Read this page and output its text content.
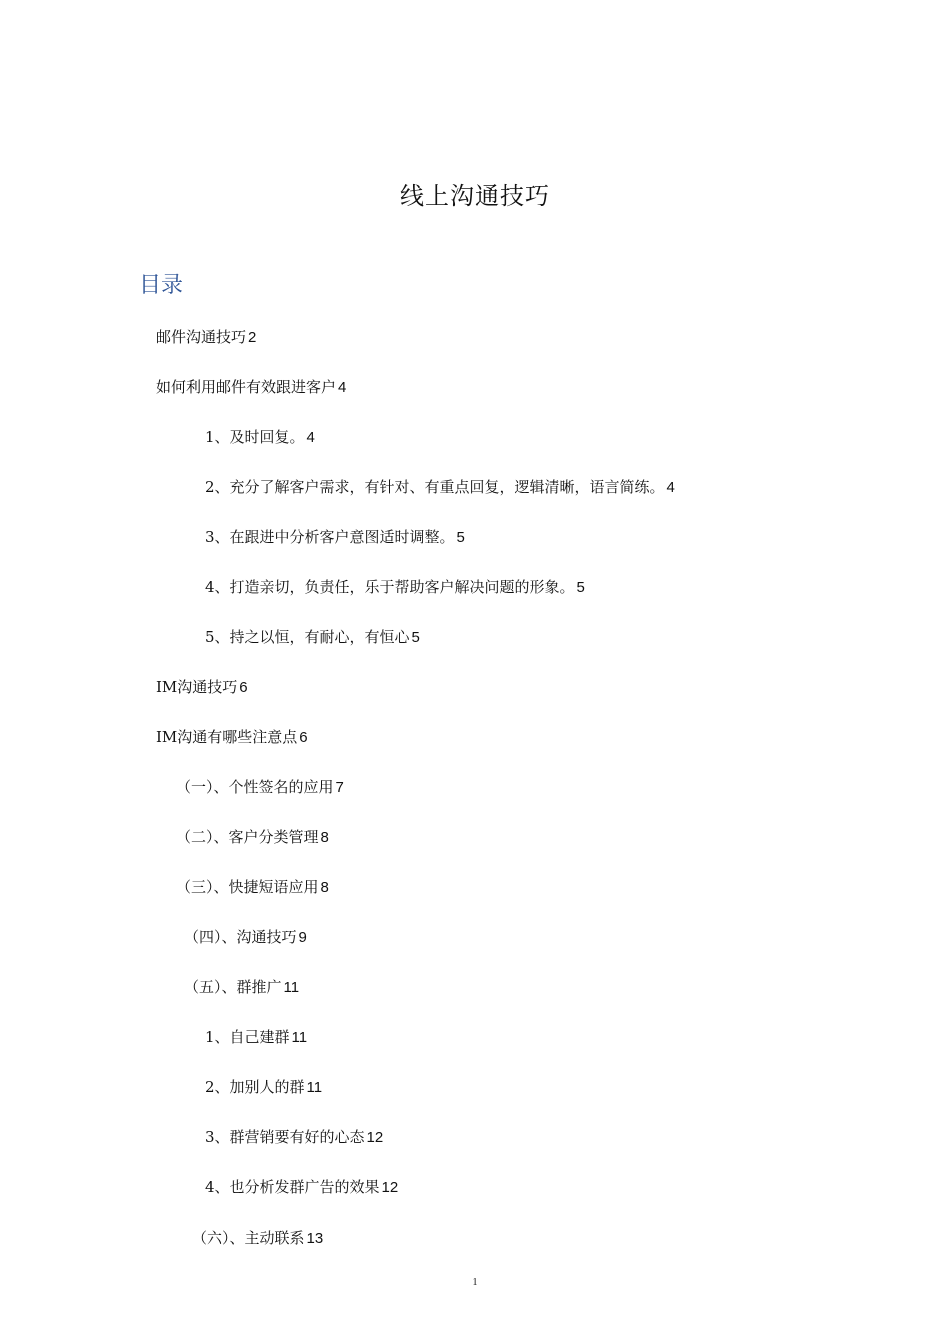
线上沟通技巧
目录
邮件沟通技巧 2
如何利用邮件有效跟进客户 4
1、及时回复。 4
2、充分了解客户需求，有针对、有重点回复，逻辑清晰，语言简练。 4
3、在跟进中分析客户意图适时调整。 5
4、打造亲切，负责任，乐于帮助客户解决问题的形象。 5
5、持之以恒，有耐心，有恒心 5
IM沟通技巧 6
IM沟通有哪些注意点 6
（一）、个性签名的应用 7
（二）、客户分类管理 8
（三）、快捷短语应用 8
（四）、沟通技巧 9
（五）、群推广 11
1、自己建群 11
2、加别人的群 11
3、群营销要有好的心态 12
4、也分析发群广告的效果 12
（六）、主动联系 13
1
